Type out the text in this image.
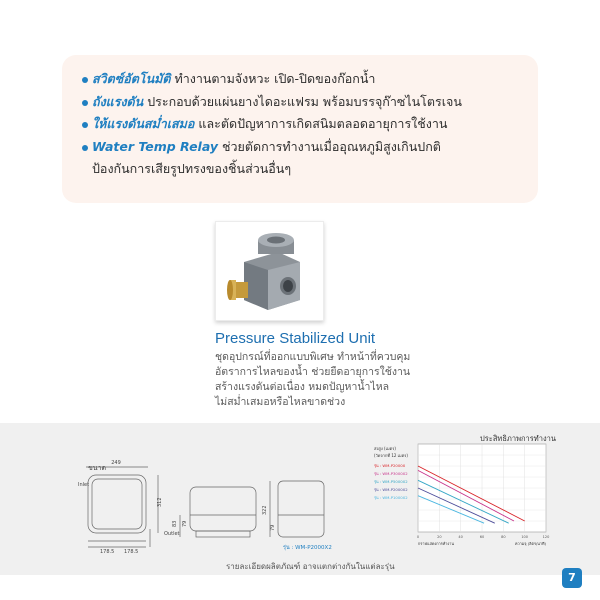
สวิตซ์อัตโนมัติ ทำงานตามจังหวะ เปิด-ปิดของก๊อกน้ำ
ถังแรงดัน ประกอบด้วยแผ่นยางไดอะแฟรม พร้อมบรรจุก๊าซไนโตรเจน
ให้แรงดันสม่ำเสมอ และตัดปัญหาการเกิดสนิมตลอดอายุการใช้งาน
Water Temp Relay ช่วยตัดการทำงานเมื่ออุณหภูมิสูงเกินปกติ
ป้องกันการเสียรูปทรงของชิ้นส่วนอื่นๆ
Pressure Stabilized Unit
ชุดอุปกรณ์ที่ออกแบบพิเศษ ทำหน้าที่ควบคุม
อัตราการไหลของน้ำ ช่วยยืดอายุการใช้งาน
สร้างแรงดันต่อเนื่อง หมดปัญหาน้ำไหล
ไม่สม่ำเสมอหรือไหลขาดช่วง
ขนาด
249
Inlet
312
178.5 178.5
Outlet
83 79
322
79
รุ่น : WM-P2000X2
รายละเอียดผลิตภัณฑ์ อาจแตกต่างกันในแต่ละรุ่น
ประสิทธิภาพการทำงาน
0	20	40	60	80	100	120
ส่งสูง (เมตร)
(วัดจากที่ 12 เมตร)
รุ่น : WM-P2000X
รุ่น : WM-P3000X2
รุ่น : WM-P5000X2
รุ่น : WM-P2000X2
รุ่น : WM-P1000X2
กราฟแสดงการทำงาน	ความจุ (ลิตร/นาที)
7
